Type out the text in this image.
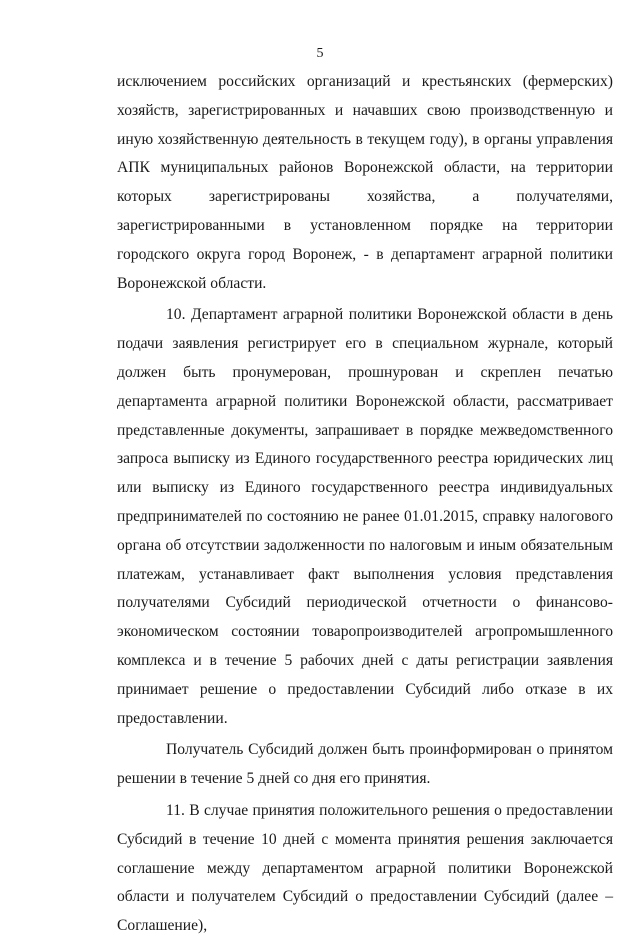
5

исключением российских организаций и крестьянских (фермерских) хозяйств, зарегистрированных и начавших свою производственную и иную хозяйственную деятельность в текущем году), в органы управления АПК муниципальных районов Воронежской области, на территории которых зарегистрированы хозяйства, а получателями, зарегистрированными в установленном порядке на территории городского округа город Воронеж, - в департамент аграрной политики Воронежской области.

10. Департамент аграрной политики Воронежской области в день подачи заявления регистрирует его в специальном журнале, который должен быть пронумерован, прошнурован и скреплен печатью департамента аграрной политики Воронежской области, рассматривает представленные документы, запрашивает в порядке межведомственного запроса выписку из Единого государственного реестра юридических лиц или выписку из Единого государственного реестра индивидуальных предпринимателей по состоянию не ранее 01.01.2015, справку налогового органа об отсутствии задолженности по налоговым и иным обязательным платежам, устанавливает факт выполнения условия представления получателями Субсидий периодической отчетности о финансово-экономическом состоянии товаропроизводителей агропромышленного комплекса и в течение 5 рабочих дней с даты регистрации заявления принимает решение о предоставлении Субсидий либо отказе в их предоставлении.

Получатель Субсидий должен быть проинформирован о принятом решении в течение 5 дней со дня его принятия.

11. В случае принятия положительного решения о предоставлении Субсидий в течение 10 дней с момента принятия решения заключается соглашение между департаментом аграрной политики Воронежской области и получателем Субсидий о предоставлении Субсидий (далее – Соглашение),
